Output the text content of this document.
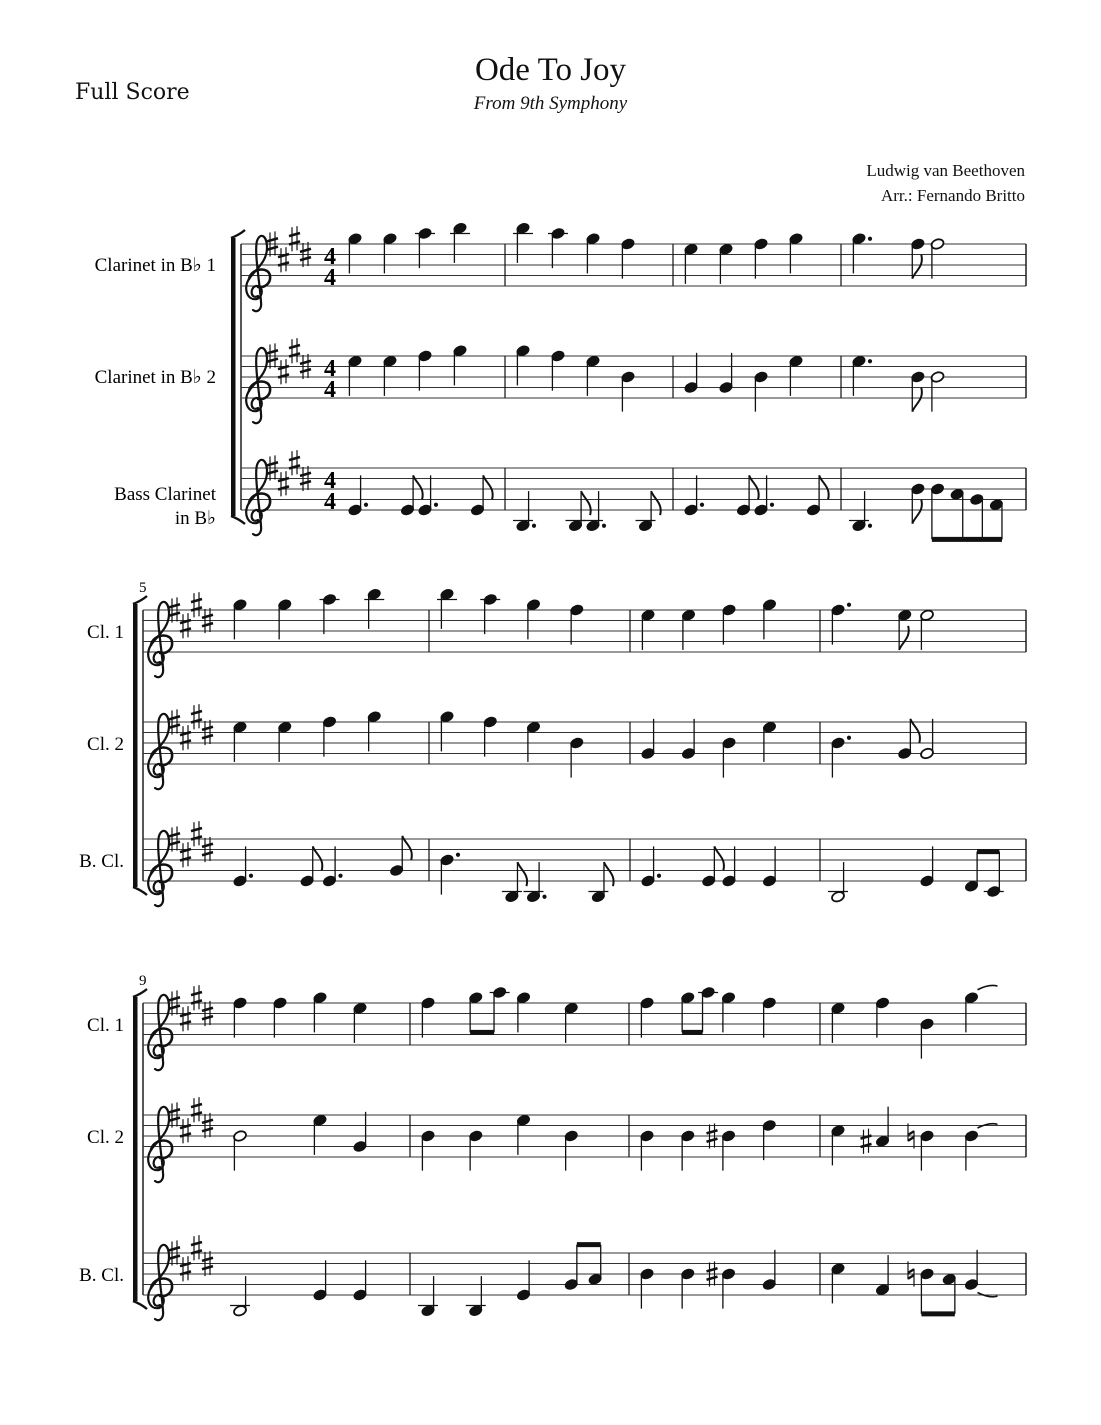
Full Score
Ode To Joy
From 9th Symphony
Ludwig van Beethoven
Arr.: Fernando Britto
Clarinet in B♭ 1	4
4
Clarinet in B♭ 2	4
4
Bass Clarinet
in B♭
4
4
5
Cl. 1
Cl. 2
B. Cl.
9
Cl. 1
Cl. 2
B. Cl.
